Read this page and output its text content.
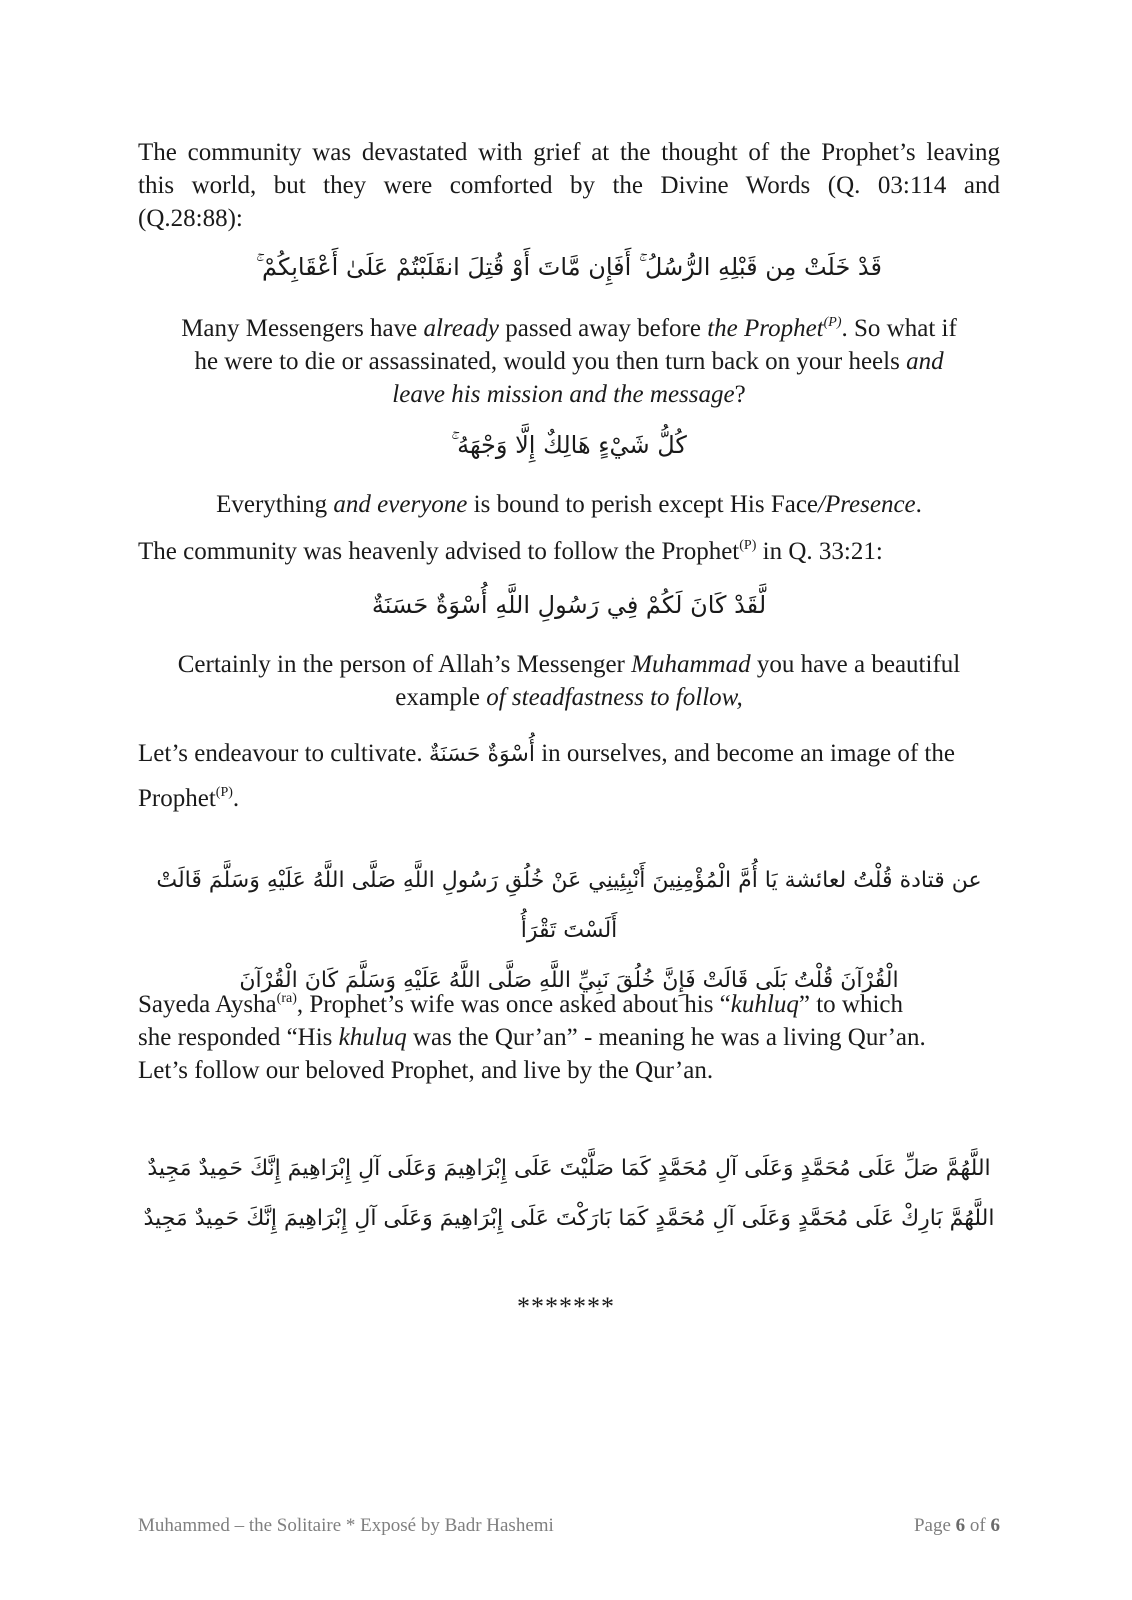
The community was devastated with grief at the thought of the Prophet’s leaving
this world, but they were comforted by the Divine Words (Q. 03:114 and
(Q.28:88):
قَدْ خَلَتْ مِن قَبْلِهِ الرُّسُلُ ۚ أَفَإِن مَّاتَ أَوْ قُتِلَ انقَلَبْتُمْ عَلَىٰ أَعْقَابِكُمْ ۚ
Many Messengers have already passed away before the Prophet$^{(P)}$. So what if
he were to die or assassinated, would you then turn back on your heels and
leave his mission and the message?
كُلُّ شَيْءٍ هَالِكٌ إِلَّا وَجْهَهُ ۚ
Everything and everyone is bound to perish except His Face/Presence.
The community was heavenly advised to follow the Prophet$^{(P)}$ in Q. 33:21:
لَّقَدْ كَانَ لَكُمْ فِي رَسُولِ اللَّهِ أُسْوَةٌ حَسَنَةٌ
Certainly in the person of Allah’s Messenger Muhammad you have a beautiful
example of steadfastness to follow,
Let’s endeavour to cultivate. أُسْوَةٌ حَسَنَةٌ in ourselves, and become an image of the
Prophet$^{(P)}$.
عن قتادة قُلْتُ لعائشة يَا أُمَّ الْمُؤْمِنِينَ أَنْبِئِينِي عَنْ خُلُقِ رَسُولِ اللَّهِ صَلَّى اللَّهُ عَلَيْهِ وَسَلَّمَ قَالَتْ أَلَسْتَ تَقْرَأُ
الْقُرْآنَ قُلْتُ بَلَى قَالَتْ فَإِنَّ خُلُقَ نَبِيِّ اللَّهِ صَلَّى اللَّهُ عَلَيْهِ وَسَلَّمَ كَانَ الْقُرْآنَ
Sayeda Aysha$^{(ra)}$, Prophet’s wife was once asked about his “kuhluq” to which
she responded “His khuluq was the Qur’an” - meaning he was a living Qur’an.
Let’s follow our beloved Prophet, and live by the Qur’an.
اللَّهُمَّ صَلِّ عَلَى مُحَمَّدٍ وَعَلَى آلِ مُحَمَّدٍ كَمَا صَلَّيْتَ عَلَى إِبْرَاهِيمَ وَعَلَى آلِ إِبْرَاهِيمَ إِنَّكَ حَمِيدٌ مَجِيدٌ
اللَّهُمَّ بَارِكْ عَلَى مُحَمَّدٍ وَعَلَى آلِ مُحَمَّدٍ كَمَا بَارَكْتَ عَلَى إِبْرَاهِيمَ وَعَلَى آلِ إِبْرَاهِيمَ إِنَّكَ حَمِيدٌ مَجِيدٌ
*******
Muhammed – the Solitaire * Exposé by Badr Hashemi	Page 6 of 6
